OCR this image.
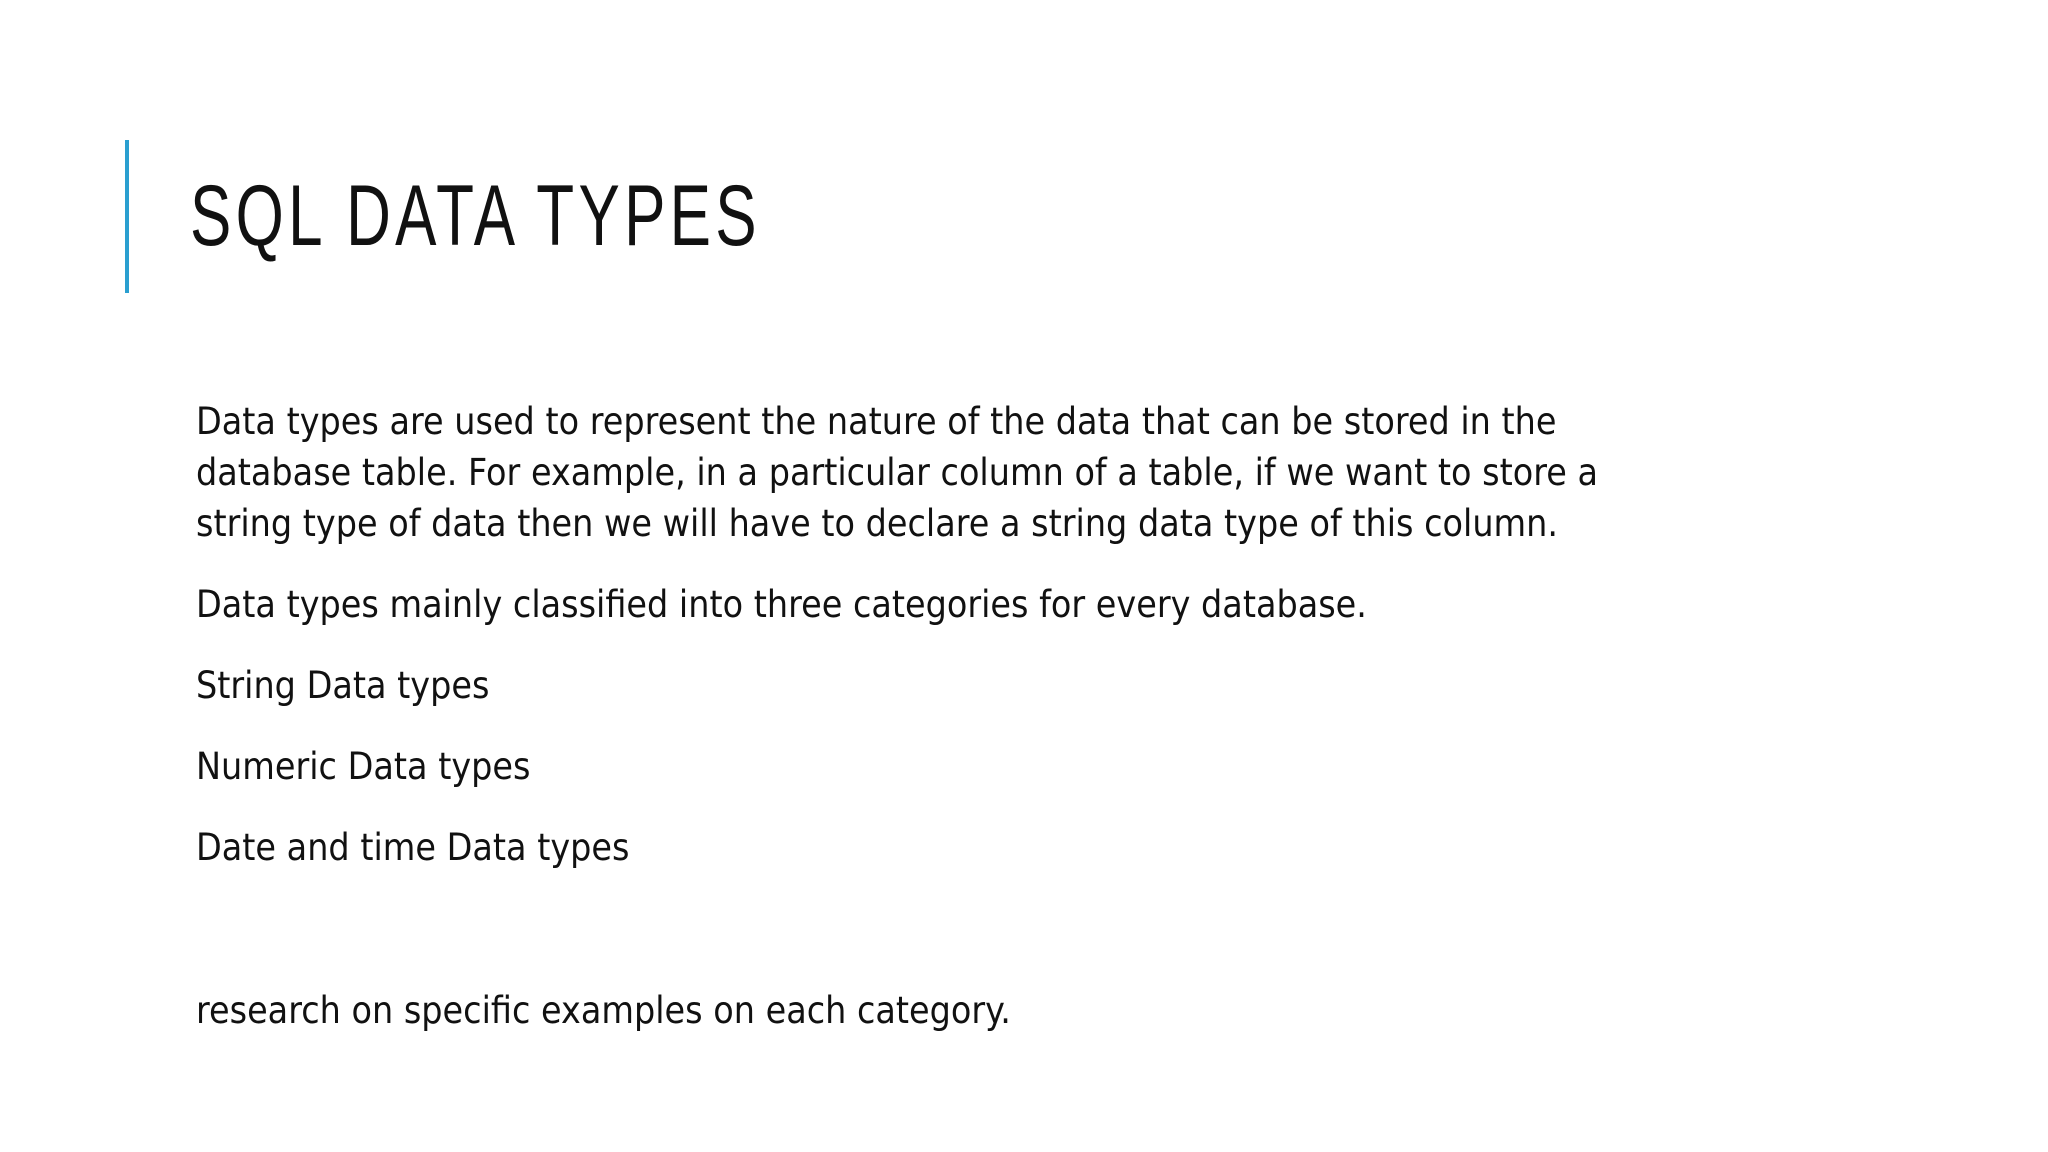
SQL DATA TYPES

Data types are used to represent the nature of the data that can be stored in the
database table. For example, in a particular column of a table, if we want to store a
string type of data then we will have to declare a string data type of this column.

Data types mainly classified into three categories for every database.

String Data types

Numeric Data types

Date and time Data types

research on specific examples on each category.
